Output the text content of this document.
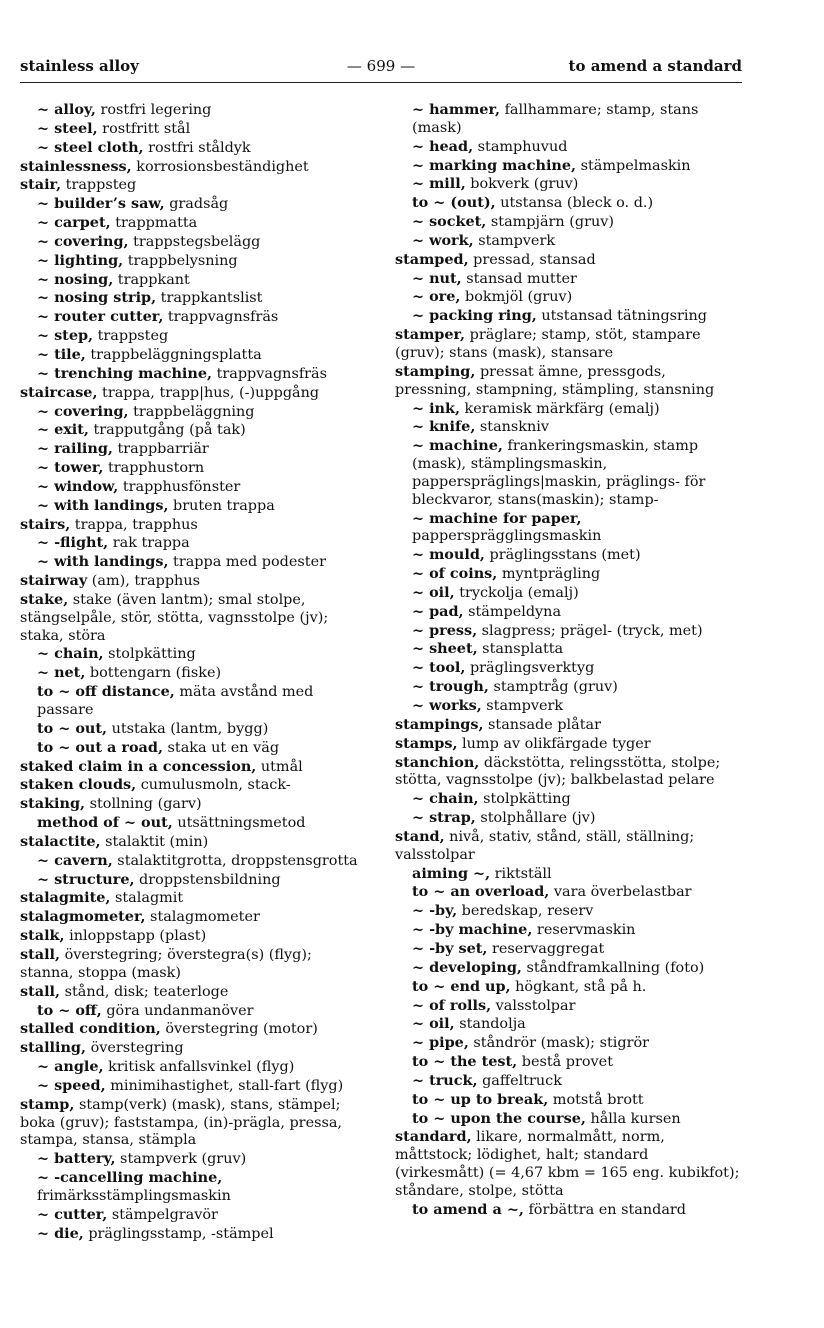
stainless alloy	— 699 —	to amend a standard
~ alloy, rostfri legering
~ steel, rostfritt stål
~ steel cloth, rostfri ståldyk
stainlessness, korrosionsbeständighet
stair, trappsteg
~ builder’s saw, gradsåg
~ carpet, trappmatta
~ covering, trappstegsbelägg
~ lighting, trappbelysning
~ nosing, trappkant
~ nosing strip, trappkantslist
~ router cutter, trappvagnsfräs
~ step, trappsteg
~ tile, trappbeläggningsplatta
~ trenching machine, trappvagnsfräs
staircase, trappa, trapp|hus, (-)uppgång
~ covering, trappbeläggning
~ exit, trapputgång (på tak)
~ railing, trappbarriär
~ tower, trapphustorn
~ window, trapphusfönster
~ with landings, bruten trappa
stairs, trappa, trapphus
~ -flight, rak trappa
~ with landings, trappa med podester
stairway (am), trapphus
stake, stake (även lantm); smal stolpe, stängselpåle, stör, stötta, vagnsstolpe (jv); staka, störa
~ chain, stolpkätting
~ net, bottengarn (fiske)
to ~ off distance, mäta avstånd med passare
to ~ out, utstaka (lantm, bygg)
to ~ out a road, staka ut en väg
staked claim in a concession, utmål
staken clouds, cumulusmoln, stack-
staking, stollning (garv)
method of ~ out, utsättningsmetod
stalactite, stalaktit (min)
~ cavern, stalaktitgrotta, droppstensgrotta
~ structure, droppstensbildning
stalagmite, stalagmit
stalagmometer, stalagmometer
stalk, inloppstapp (plast)
stall, överstegring; överstegra(s) (flyg); stanna, stoppa (mask)
stall, stånd, disk; teaterloge
to ~ off, göra undanmanöver
stalled condition, överstegring (motor)
stalling, överstegring
~ angle, kritisk anfallsvinkel (flyg)
~ speed, minimihastighet, stall-fart (flyg)
stamp, stamp(verk) (mask), stans, stämpel; boka (gruv); faststampa, (in)-prägla, pressa, stampa, stansa, stämpla
~ battery, stampverk (gruv)
~ -cancelling machine, frimärksstämplingsmaskin
~ cutter, stämpelgravör
~ die, präglingsstamp, -stämpel
~ hammer, fallhammare; stamp, stans (mask)
~ head, stamphuvud
~ marking machine, stämpelmaskin
~ mill, bokverk (gruv)
to ~ (out), utstansa (bleck o. d.)
~ socket, stampjärn (gruv)
~ work, stampverk
stamped, pressad, stansad
~ nut, stansad mutter
~ ore, bokmjöl (gruv)
~ packing ring, utstansad tätningsring
stamper, präglare; stamp, stöt, stampare (gruv); stans (mask), stansare
stamping, pressat ämne, pressgods, pressning, stampning, stämpling, stansning
~ ink, keramisk märkfärg (emalj)
~ knife, stanskniv
~ machine, frankeringsmaskin, stamp (mask), stämplingsmaskin, papperspräglings|maskin, präglings- för bleckvaror, stans(maskin); stamp-
~ machine for paper, pappersprägglingsmaskin
~ mould, präglingsstans (met)
~ of coins, myntprägling
~ oil, tryckolja (emalj)
~ pad, stämpeldyna
~ press, slagpress; prägel- (tryck, met)
~ sheet, stansplatta
~ tool, präglingsverktyg
~ trough, stamptråg (gruv)
~ works, stampverk
stampings, stansade plåtar
stamps, lump av olikfärgade tyger
stanchion, däckstötta, relingsstötta, stolpe; stötta, vagnsstolpe (jv); balkbelastad pelare
~ chain, stolpkätting
~ strap, stolphållare (jv)
stand, nivå, stativ, stånd, ställ, ställning; valsstolpar
aiming ~, riktställ
to ~ an overload, vara överbelastbar
~ -by, beredskap, reserv
~ -by machine, reservmaskin
~ -by set, reservaggregat
~ developing, ståndframkallning (foto)
to ~ end up, högkant, stå på h.
~ of rolls, valsstolpar
~ oil, standolja
~ pipe, ståndrör (mask); stigrör
to ~ the test, bestå provet
~ truck, gaffeltruck
to ~ up to break, motstå brott
to ~ upon the course, hålla kursen
standard, likare, normalmått, norm, måttstock; lödighet, halt; standard (virkesmått) (= 4,67 kbm = 165 eng. kubikfot); ståndare, stolpe, stötta
to amend a ~, förbättra en standard
